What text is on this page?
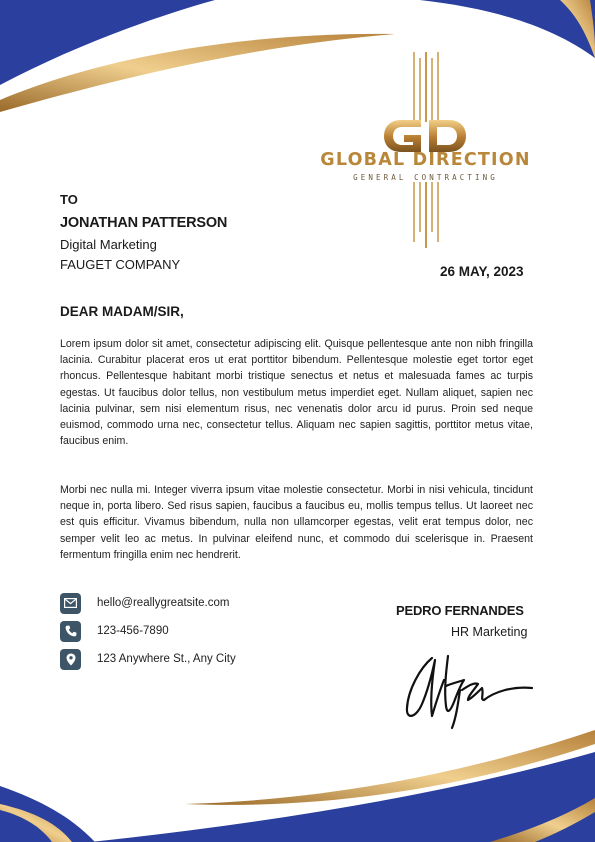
GLOBAL DIRECTION
GENERAL CONTRACTING
TO
JONATHAN PATTERSON
Digital Marketing
FAUGET COMPANY	26 MAY, 2023
DEAR MADAM/SIR,

Lorem ipsum dolor sit amet, consectetur adipiscing elit. Quisque pellentesque ante non nibh fringilla lacinia. Curabitur placerat eros ut erat porttitor bibendum. Pellentesque molestie eget tortor eget rhoncus. Pellentesque habitant morbi tristique senectus et netus et malesuada fames ac turpis egestas. Ut faucibus dolor tellus, non vestibulum metus imperdiet eget. Nullam aliquet, sapien nec lacinia pulvinar, sem nisi elementum risus, nec venenatis dolor arcu id purus. Proin sed neque euismod, commodo urna nec, consectetur tellus. Aliquam nec sapien sagittis, porttitor metus vitae, faucibus enim.

Morbi nec nulla mi. Integer viverra ipsum vitae molestie consectetur. Morbi in nisi vehicula, tincidunt neque in, porta libero. Sed risus sapien, faucibus a faucibus eu, mollis tempus tellus. Ut laoreet nec est quis efficitur. Vivamus bibendum, nulla non ullamcorper egestas, velit erat tempus dolor, nec semper velit leo ac metus. In pulvinar eleifend nunc, et commodo dui scelerisque in. Praesent fermentum fringilla enim nec hendrerit.

hello@reallygreatsite.com
123-456-7890
123 Anywhere St., Any City
PEDRO FERNANDES
HR Marketing
